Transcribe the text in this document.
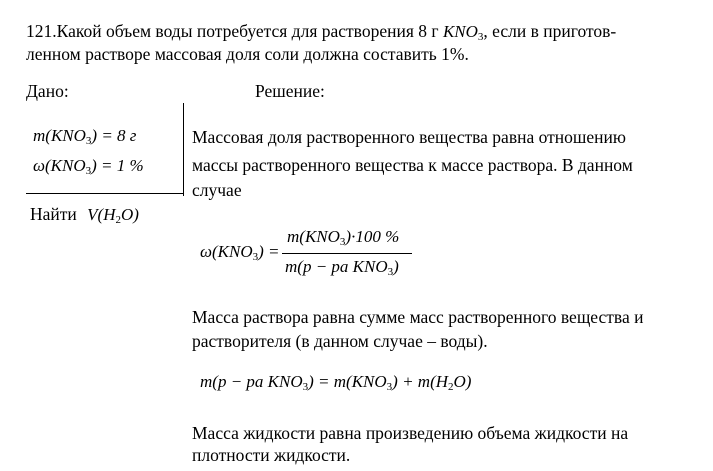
121.Какой объем воды потребуется для растворения 8 г $KNO_3$, если в приготов-
ленном растворе массовая доля соли должна составить 1%.
Дано:	Решение:
$m(KNO_3) = 8$ г
$\omega(KNO_3) = 1$ %
Найти $V(H_2O)$
Массовая доля растворенного вещества равна отношению
массы растворенного вещества к массе раствора. В данном
случае
$\omega(KNO_3)$ =
$m(KNO_3)\cdot 100$ %
m(p − pa $KNO_3$)
Масса раствора равна сумме масс растворенного вещества и
растворителя (в данном случае – воды).
m(p − pa $KNO_3) = m(KNO_3) + m(H_2O)$
Масса жидкости равна произведению объема жидкости на
плотности жидкости.
